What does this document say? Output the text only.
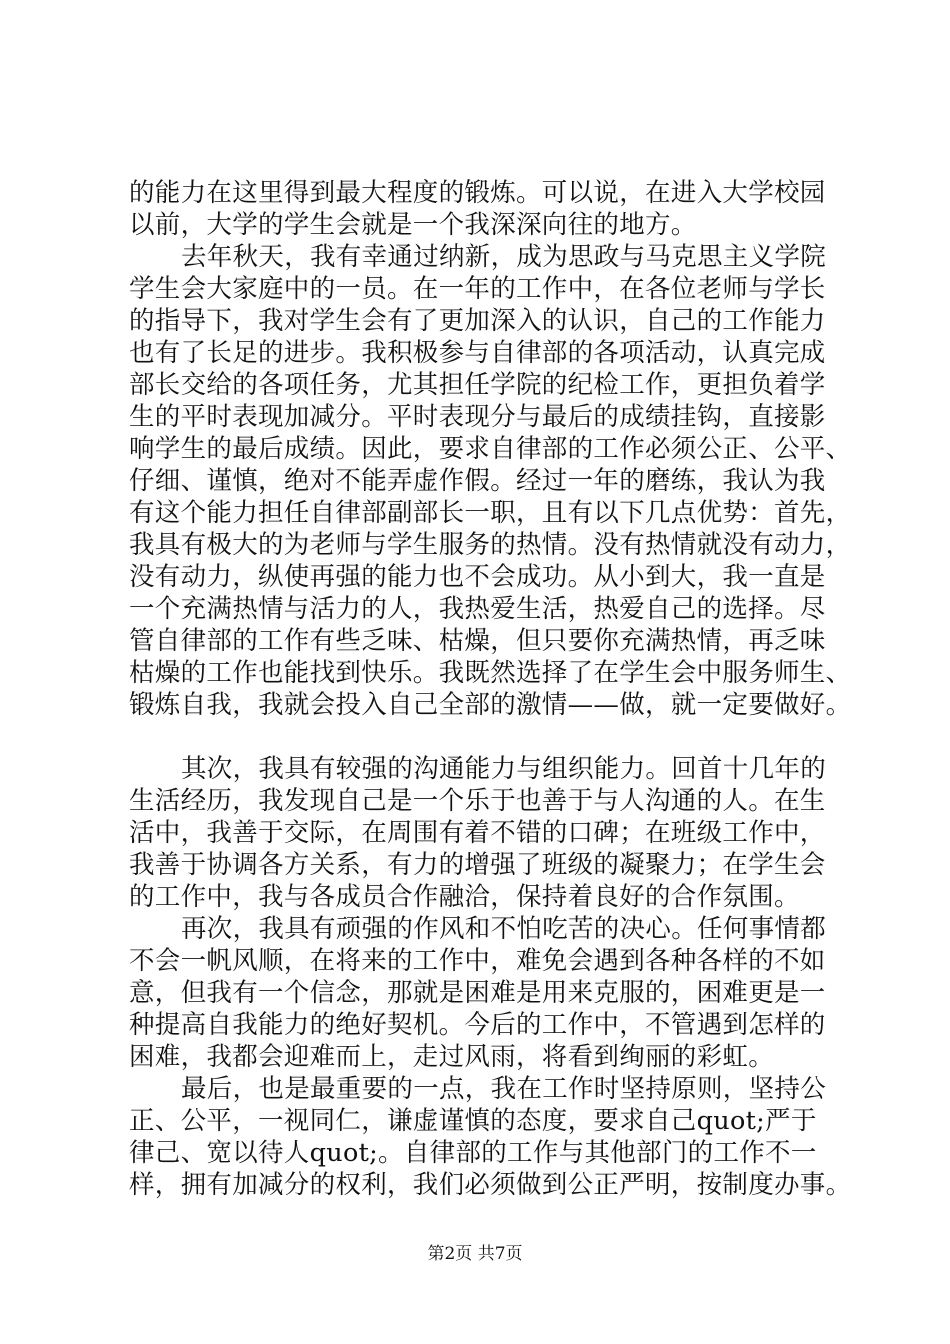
的能力在这里得到最大程度的锻炼。可以说，在进入大学校园
以前，大学的学生会就是一个我深深向往的地方。
去年秋天，我有幸通过纳新，成为思政与马克思主义学院
学生会大家庭中的一员。在一年的工作中，在各位老师与学长
的指导下，我对学生会有了更加深入的认识，自己的工作能力
也有了长足的进步。我积极参与自律部的各项活动，认真完成
部长交给的各项任务，尤其担任学院的纪检工作，更担负着学
生的平时表现加减分。平时表现分与最后的成绩挂钩，直接影
响学生的最后成绩。因此，要求自律部的工作必须公正、公平、
仔细、谨慎，绝对不能弄虚作假。经过一年的磨练，我认为我
有这个能力担任自律部副部长一职，且有以下几点优势：首先，
我具有极大的为老师与学生服务的热情。没有热情就没有动力，
没有动力，纵使再强的能力也不会成功。从小到大，我一直是
一个充满热情与活力的人，我热爱生活，热爱自己的选择。尽
管自律部的工作有些乏味、枯燥，但只要你充满热情，再乏味
枯燥的工作也能找到快乐。我既然选择了在学生会中服务师生、
锻炼自我，我就会投入自己全部的激情——做，就一定要做好。
其次，我具有较强的沟通能力与组织能力。回首十几年的
生活经历，我发现自己是一个乐于也善于与人沟通的人。在生
活中，我善于交际，在周围有着不错的口碑；在班级工作中，
我善于协调各方关系，有力的增强了班级的凝聚力；在学生会
的工作中，我与各成员合作融洽，保持着良好的合作氛围。
再次，我具有顽强的作风和不怕吃苦的决心。任何事情都
不会一帆风顺，在将来的工作中，难免会遇到各种各样的不如
意，但我有一个信念，那就是困难是用来克服的，困难更是一
种提高自我能力的绝好契机。今后的工作中，不管遇到怎样的
困难，我都会迎难而上，走过风雨，将看到绚丽的彩虹。
最后，也是最重要的一点，我在工作时坚持原则，坚持公
正、公平，一视同仁，谦虚谨慎的态度，要求自己quot;严于
律己、宽以待人quot;。自律部的工作与其他部门的工作不一
样，拥有加减分的权利，我们必须做到公正严明，按制度办事。
第2页 共7页
